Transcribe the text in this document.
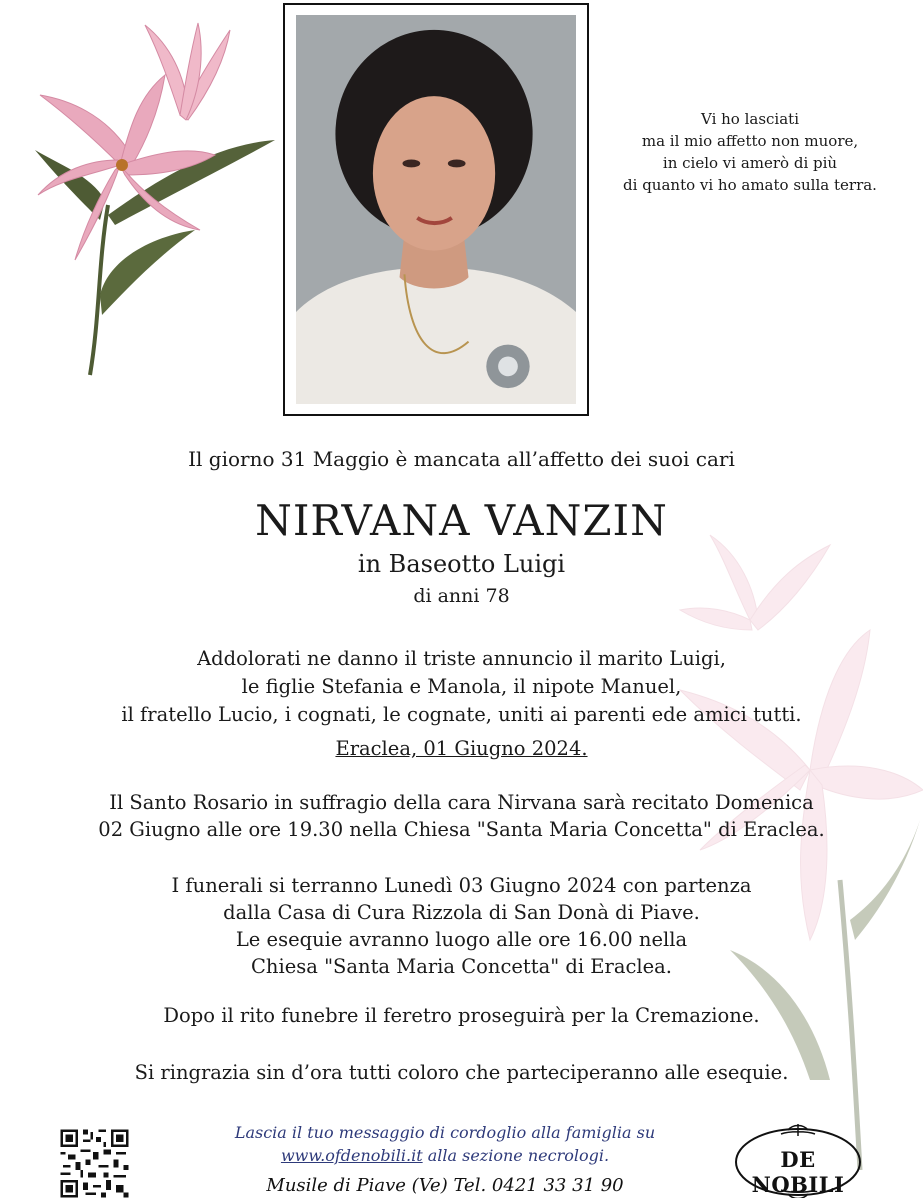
Vi ho lasciati
ma il mio affetto non muore,
in cielo vi amerò di più
di quanto vi ho amato sulla terra.
Il giorno 31 Maggio è mancata all’affetto dei suoi cari
NIRVANA VANZIN
in Baseotto Luigi
di anni 78
Addolorati ne danno il triste annuncio il marito Luigi,
le figlie Stefania e Manola, il nipote Manuel,
il fratello Lucio, i cognati, le cognate, uniti ai parenti ede amici tutti.
Eraclea, 01 Giugno 2024.
Il Santo Rosario in suffragio della cara Nirvana sarà recitato Domenica
02 Giugno alle ore 19.30 nella Chiesa "Santa Maria Concetta" di Eraclea.
I funerali si terranno Lunedì 03 Giugno 2024 con partenza
dalla Casa di Cura Rizzola di San Donà di Piave.
Le esequie avranno luogo alle ore 16.00 nella
Chiesa "Santa Maria Concetta" di Eraclea.
Dopo il rito funebre il feretro proseguirà per la Cremazione.
Si ringrazia sin d’ora tutti coloro che parteciperanno alle esequie.
Lascia il tuo messaggio di cordoglio alla famiglia su
www.ofdenobili.it alla sezione necrologi.
Musile di Piave (Ve) Tel. 0421 33 31 90
DE NOBILI
